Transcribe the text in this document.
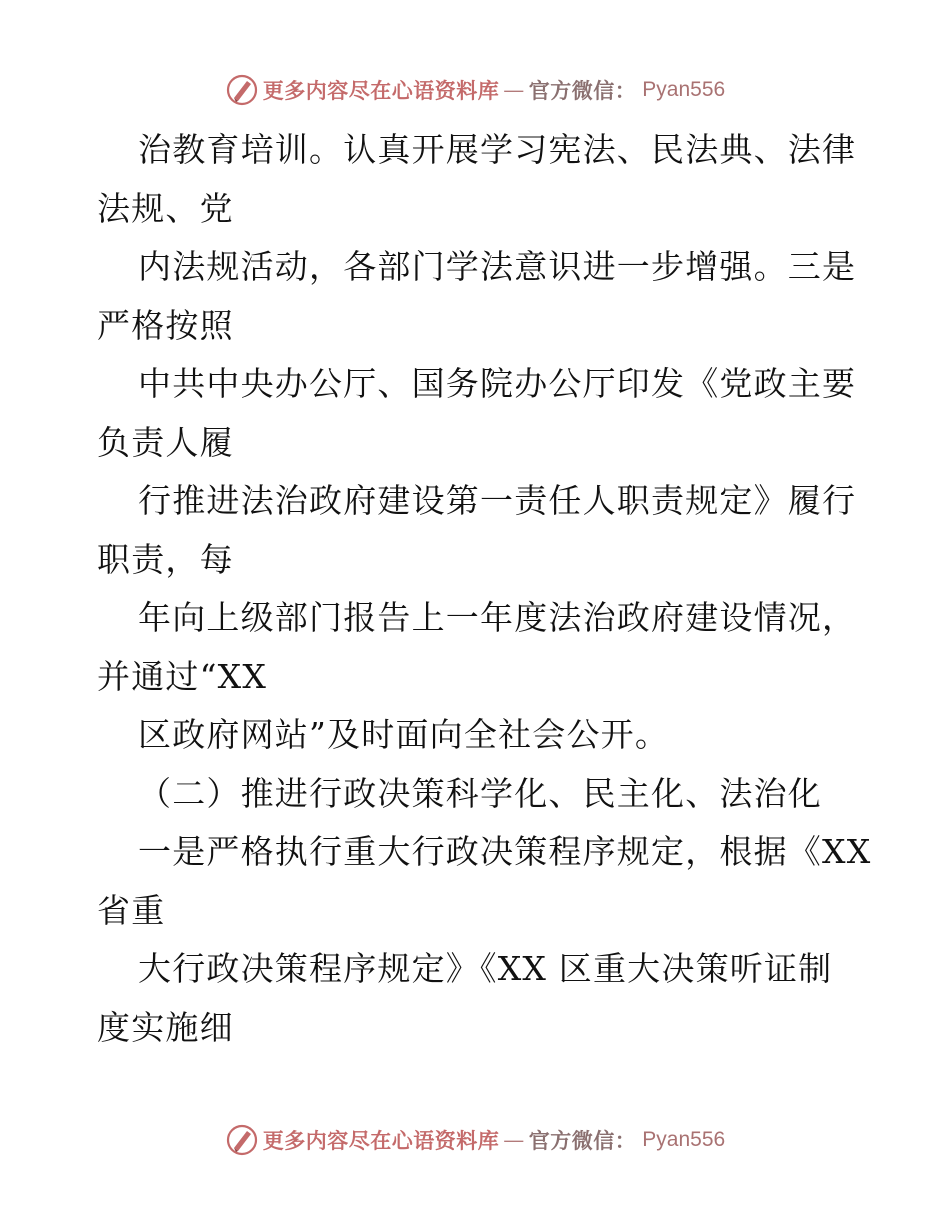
更多内容尽在心语资料库 — 官方微信： Pyan556
治教育培训。认真开展学习宪法、民法典、法律
法规、党
内法规活动，各部门学法意识进一步增强。三是
严格按照
中共中央办公厅、国务院办公厅印发《党政主要
负责人履
行推进法治政府建设第一责任人职责规定》履行
职责，每
年向上级部门报告上一年度法治政府建设情况，
并通过“XX
区政府网站”及时面向全社会公开。
（二）推进行政决策科学化、民主化、法治化
一是严格执行重大行政决策程序规定，根据《XX
省重
大行政决策程序规定》《XX 区重大决策听证制
度实施细
更多内容尽在心语资料库 — 官方微信： Pyan556
